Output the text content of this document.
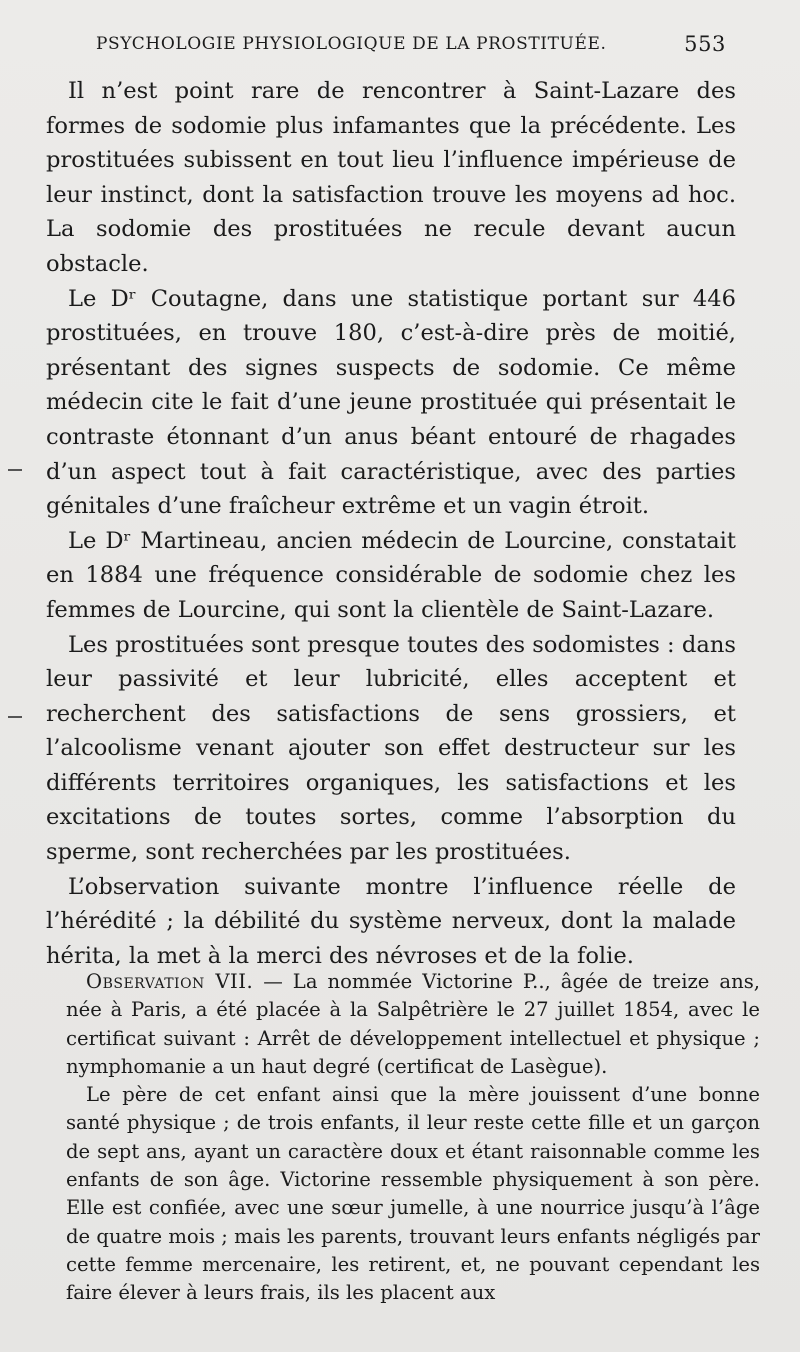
PSYCHOLOGIE PHYSIOLOGIQUE DE LA PROSTITUÉE.	553

Il n’est point rare de rencontrer à Saint-Lazare des formes de sodomie plus infamantes que la précédente. Les prostituées subissent en tout lieu l’influence impérieuse de leur instinct, dont la satisfaction trouve les moyens ad hoc. La sodomie des prostituées ne recule devant aucun obstacle.

Le Dʳ Coutagne, dans une statistique portant sur 446 prostituées, en trouve 180, c’est-à-dire près de moitié, présentant des signes suspects de sodomie. Ce même médecin cite le fait d’une jeune prostituée qui présentait le contraste étonnant d’un anus béant entouré de rhagades d’un aspect tout à fait caractéristique, avec des parties génitales d’une fraîcheur extrême et un vagin étroit.

Le Dʳ Martineau, ancien médecin de Lourcine, constatait en 1884 une fréquence considérable de sodomie chez les femmes de Lourcine, qui sont la clientèle de Saint-Lazare.

Les prostituées sont presque toutes des sodomistes : dans leur passivité et leur lubricité, elles acceptent et recherchent des satisfactions de sens grossiers, et l’alcoolisme venant ajouter son effet destructeur sur les différents territoires organiques, les satisfactions et les excitations de toutes sortes, comme l’absorption du sperme, sont recherchées par les prostituées.

L’observation suivante montre l’influence réelle de l’hérédité ; la débilité du système nerveux, dont la malade hérita, la met à la merci des névroses et de la folie.

Observation VII. — La nommée Victorine P.., âgée de treize ans, née à Paris, a été placée à la Salpêtrière le 27 juillet 1854, avec le certificat suivant : Arrêt de développement intellectuel et physique ; nymphomanie a un haut degré (certificat de Lasègue).

Le père de cet enfant ainsi que la mère jouissent d’une bonne santé physique ; de trois enfants, il leur reste cette fille et un garçon de sept ans, ayant un caractère doux et étant raisonnable comme les enfants de son âge. Victorine ressemble physiquement à son père. Elle est confiée, avec une sœur jumelle, à une nourrice jusqu’à l’âge de quatre mois ; mais les parents, trouvant leurs enfants négligés par cette femme mercenaire, les retirent, et, ne pouvant cependant les faire élever à leurs frais, ils les placent aux
